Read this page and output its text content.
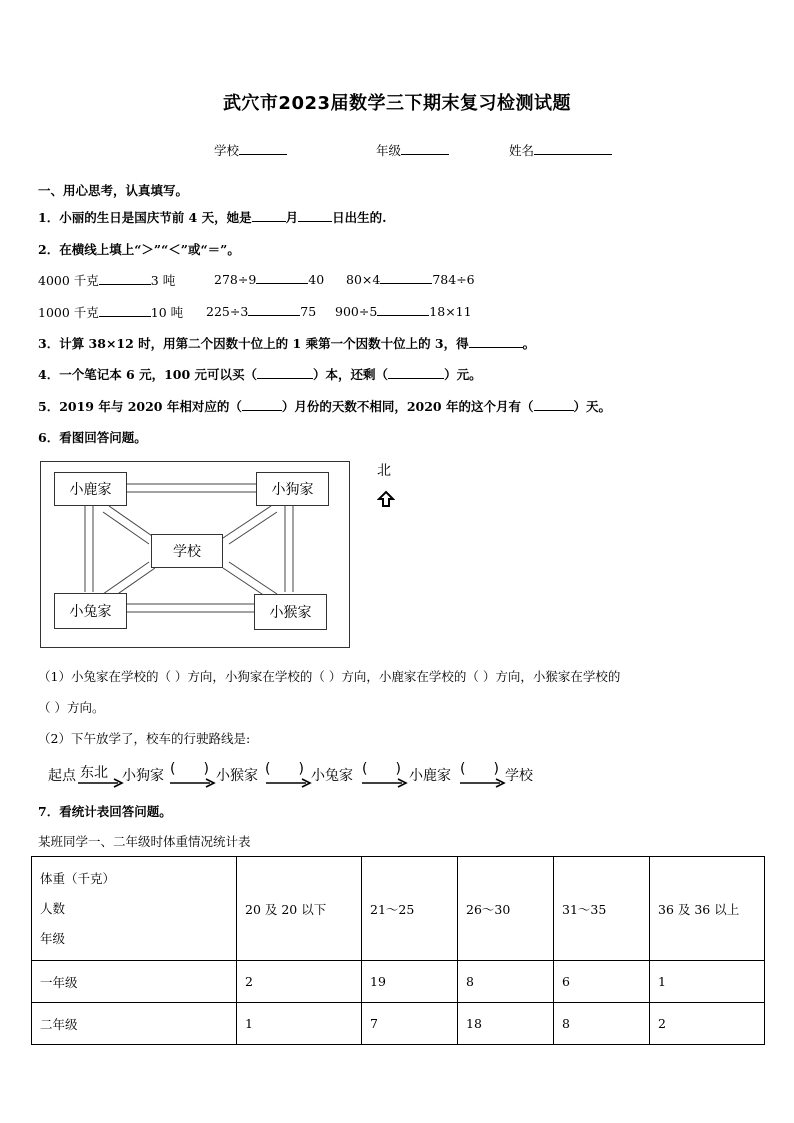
武穴市2023届数学三下期末复习检测试题
学校	年级	姓名
一、用心思考，认真填写。
1．小丽的生日是国庆节前 4 天，她是	月	日出生的.
2．在横线上填上“＞”“＜”或“＝”。
4000 千克	3 吨	278÷9	40 80×4	784÷6
1000 千克	10 吨 225÷3	75 900÷5	18×11
3．计算 38×12 时，用第二个因数十位上的 1 乘第一个因数十位上的 3，得	。
4．一个笔记本 6 元，100 元可以买（	）本，还剩（	）元。
5．2019 年与 2020 年相对应的（	）月份的天数不相同，2020 年的这个月有（	）天。
6．看图回答问题。
小鹿家	小狗家
学校
小兔家	小猴家
北
（1）小兔家在学校的（ ）方向，小狗家在学校的（ ）方向，小鹿家在学校的（ ）方向，小猴家在学校的
（ ）方向。
（2）下午放学了，校车的行驶路线是:
起点 东北 小狗家 (　　) 小猴家 (　　) 小兔家 (　　) 小鹿家 (　　) 学校
7．看统计表回答问题。
某班同学一、二年级时体重情况统计表
体重（千克）
人数
年级	20 及 20 以下	21～25	26～30	31～35	36 及 36 以上
一年级	2	19	8	6	1
二年级	1	7	18	8	2
